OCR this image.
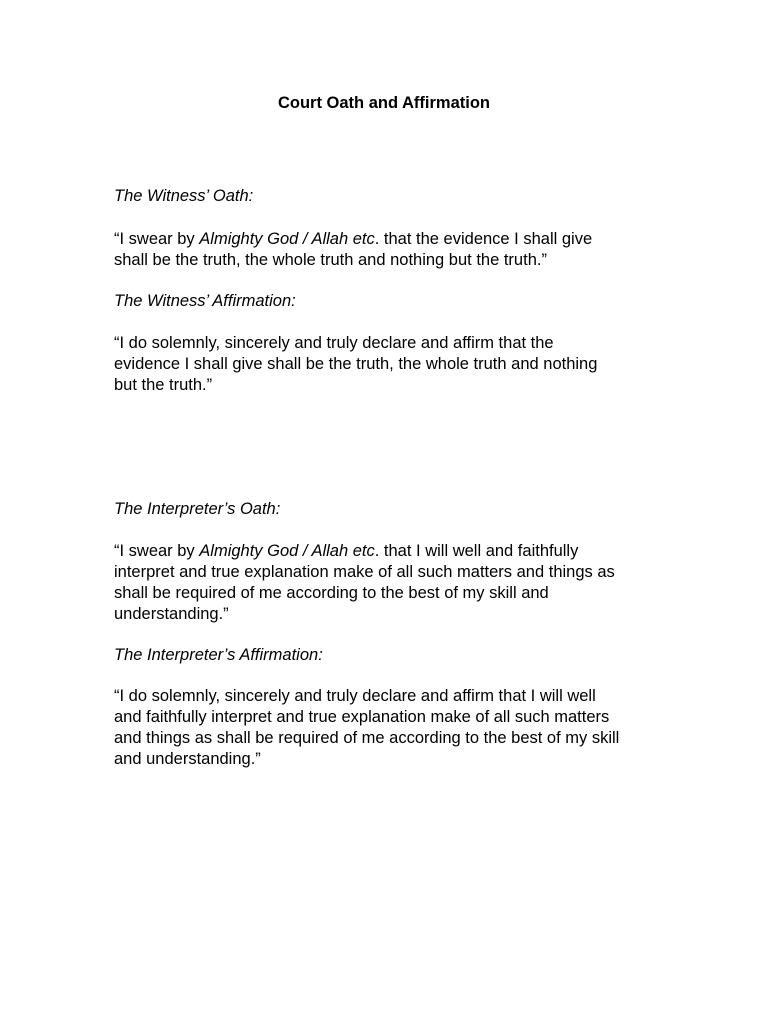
Court Oath and Affirmation

The Witness’ Oath:

“I swear by Almighty God / Allah etc. that the evidence I shall give
shall be the truth, the whole truth and nothing but the truth.”

The Witness’ Affirmation:

“I do solemnly, sincerely and truly declare and affirm that the
evidence I shall give shall be the truth, the whole truth and nothing
but the truth.”

The Interpreter’s Oath:

“I swear by Almighty God / Allah etc. that I will well and faithfully
interpret and true explanation make of all such matters and things as
shall be required of me according to the best of my skill and
understanding.”

The Interpreter’s Affirmation:

“I do solemnly, sincerely and truly declare and affirm that I will well
and faithfully interpret and true explanation make of all such matters
and things as shall be required of me according to the best of my skill
and understanding.”
